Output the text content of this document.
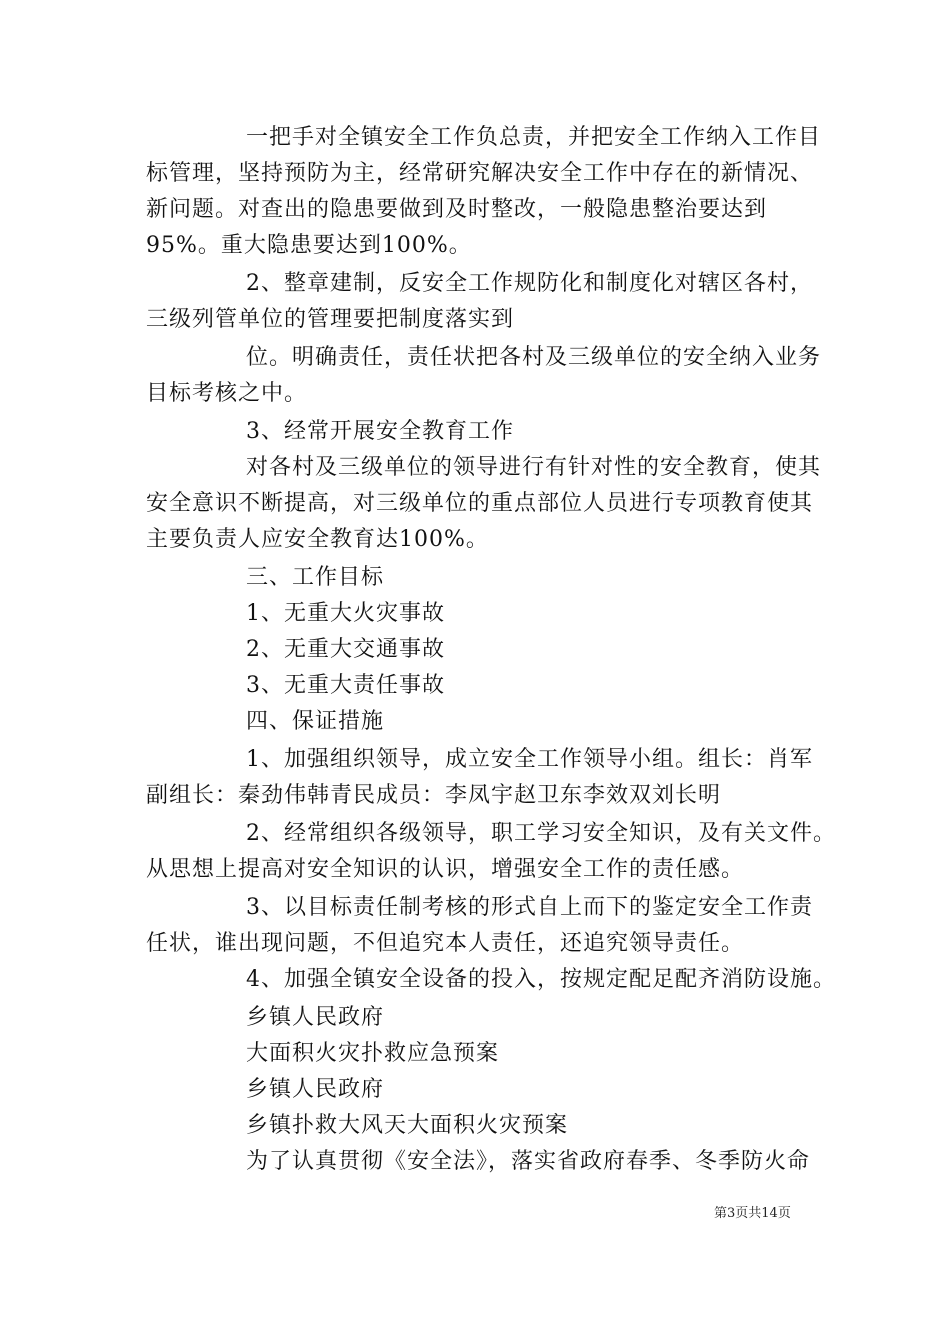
一把手对全镇安全工作负总责，并把安全工作纳入工作目
标管理，坚持预防为主，经常研究解决安全工作中存在的新情况、
新问题。对查出的隐患要做到及时整改，一般隐患整治要达到
95%。重大隐患要达到100%。
2、整章建制，反安全工作规防化和制度化对辖区各村，
三级列管单位的管理要把制度落实到
位。明确责任，责任状把各村及三级单位的安全纳入业务
目标考核之中。
3、经常开展安全教育工作
对各村及三级单位的领导进行有针对性的安全教育，使其
安全意识不断提高，对三级单位的重点部位人员进行专项教育使其
主要负责人应安全教育达100%。
三、工作目标
1、无重大火灾事故
2、无重大交通事故
3、无重大责任事故
四、保证措施
1、加强组织领导，成立安全工作领导小组。组长：肖军
副组长：秦劲伟韩青民成员：李凤宇赵卫东李效双刘长明
2、经常组织各级领导，职工学习安全知识，及有关文件。
从思想上提高对安全知识的认识，增强安全工作的责任感。
3、以目标责任制考核的形式自上而下的鉴定安全工作责
任状，谁出现问题，不但追究本人责任，还追究领导责任。
4、加强全镇安全设备的投入，按规定配足配齐消防设施。
乡镇人民政府
大面积火灾扑救应急预案
乡镇人民政府
乡镇扑救大风天大面积火灾预案
为了认真贯彻《安全法》，落实省政府春季、冬季防火命
第3页共14页
